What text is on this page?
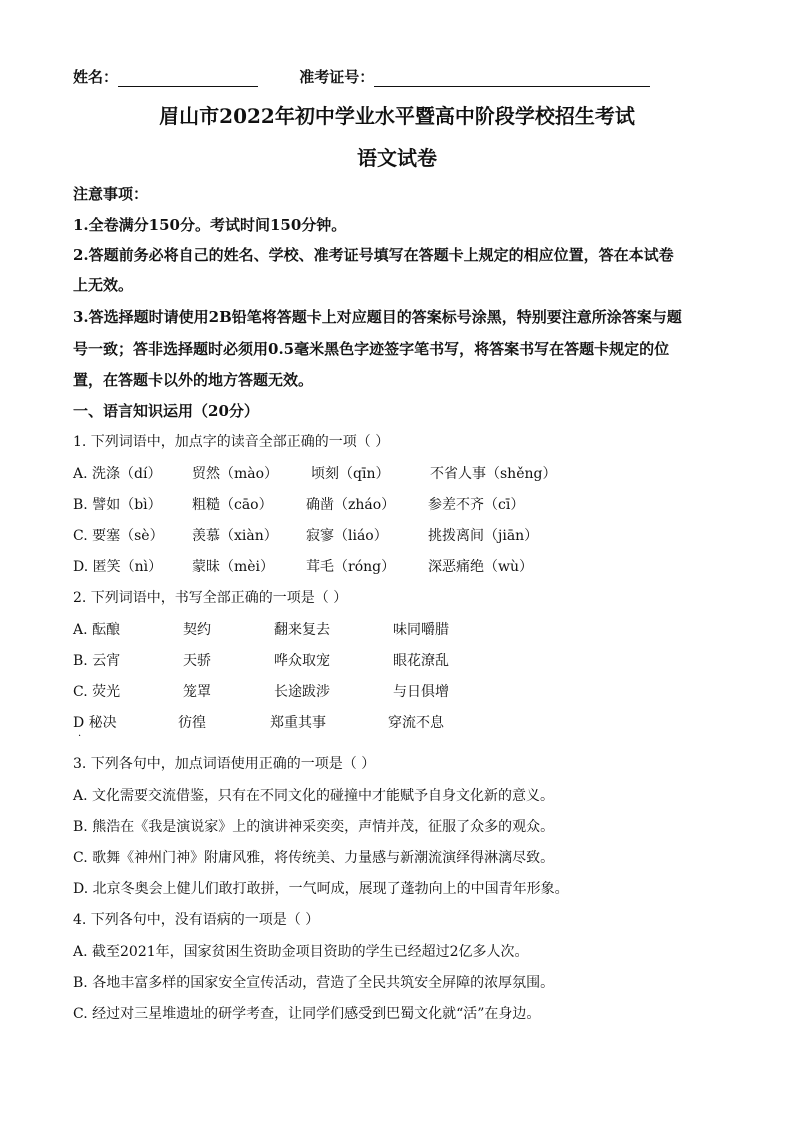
姓名：	准考证号：
眉山市2022年初中学业水平暨高中阶段学校招生考试
语文试卷
注意事项：
1.全卷满分150分。考试时间150分钟。
2.答题前务必将自己的姓名、学校、准考证号填写在答题卡上规定的相应位置，答在本试卷
上无效。
3.答选择题时请使用2B铅笔将答题卡上对应题目的答案标号涂黑，特别要注意所涂答案与题
号一致；答非选择题时必须用0.5毫米黑色字迹签字笔书写，将答案书写在答题卡规定的位
置，在答题卡以外的地方答题无效。
一、语言知识运用（20分）
1. 下列词语中，加点字的读音全部正确的一项（ ）
A. 洗涤（dí） 贸然（mào） 顷刻（qīn）	不省人事（shěng）
B. 譬如（bì） 粗糙（cāo） 确凿（zháo） 参差不齐（cī）
C. 要塞（sè） 羡慕（xiàn） 寂寥（liáo）	挑拨离间（jiān）
D. 匿笑（nì） 蒙昧（mèi） 茸毛（róng） 深恶痛绝（wù）
2. 下列词语中，书写全部正确的一项是（ ）
A. 酝酿	契约	翻来复去	味同嚼腊
B. 云宵	天骄	哗众取宠	眼花潦乱
C. 荧光	笼罩	长途跋涉	与日俱增
D 秘决	彷徨	郑重其事	穿流不息
·
3. 下列各句中，加点词语使用正确的一项是（ ）
A. 文化需要交流借鉴，只有在不同文化的碰撞中才能赋予自身文化新的意义。
B. 熊浩在《我是演说家》上的演讲神采奕奕，声情并茂，征服了众多的观众。
C. 歌舞《神州门神》附庸风雅，将传统美、力量感与新潮流演绎得淋漓尽致。
D. 北京冬奥会上健儿们敢打敢拼，一气呵成，展现了蓬勃向上的中国青年形象。
4. 下列各句中，没有语病的一项是（ ）
A. 截至2021年，国家贫困生资助金项目资助的学生已经超过2亿多人次。
B. 各地丰富多样的国家安全宣传活动，营造了全民共筑安全屏障的浓厚氛围。
C. 经过对三星堆遗址的研学考查，让同学们感受到巴蜀文化就“活”在身边。
